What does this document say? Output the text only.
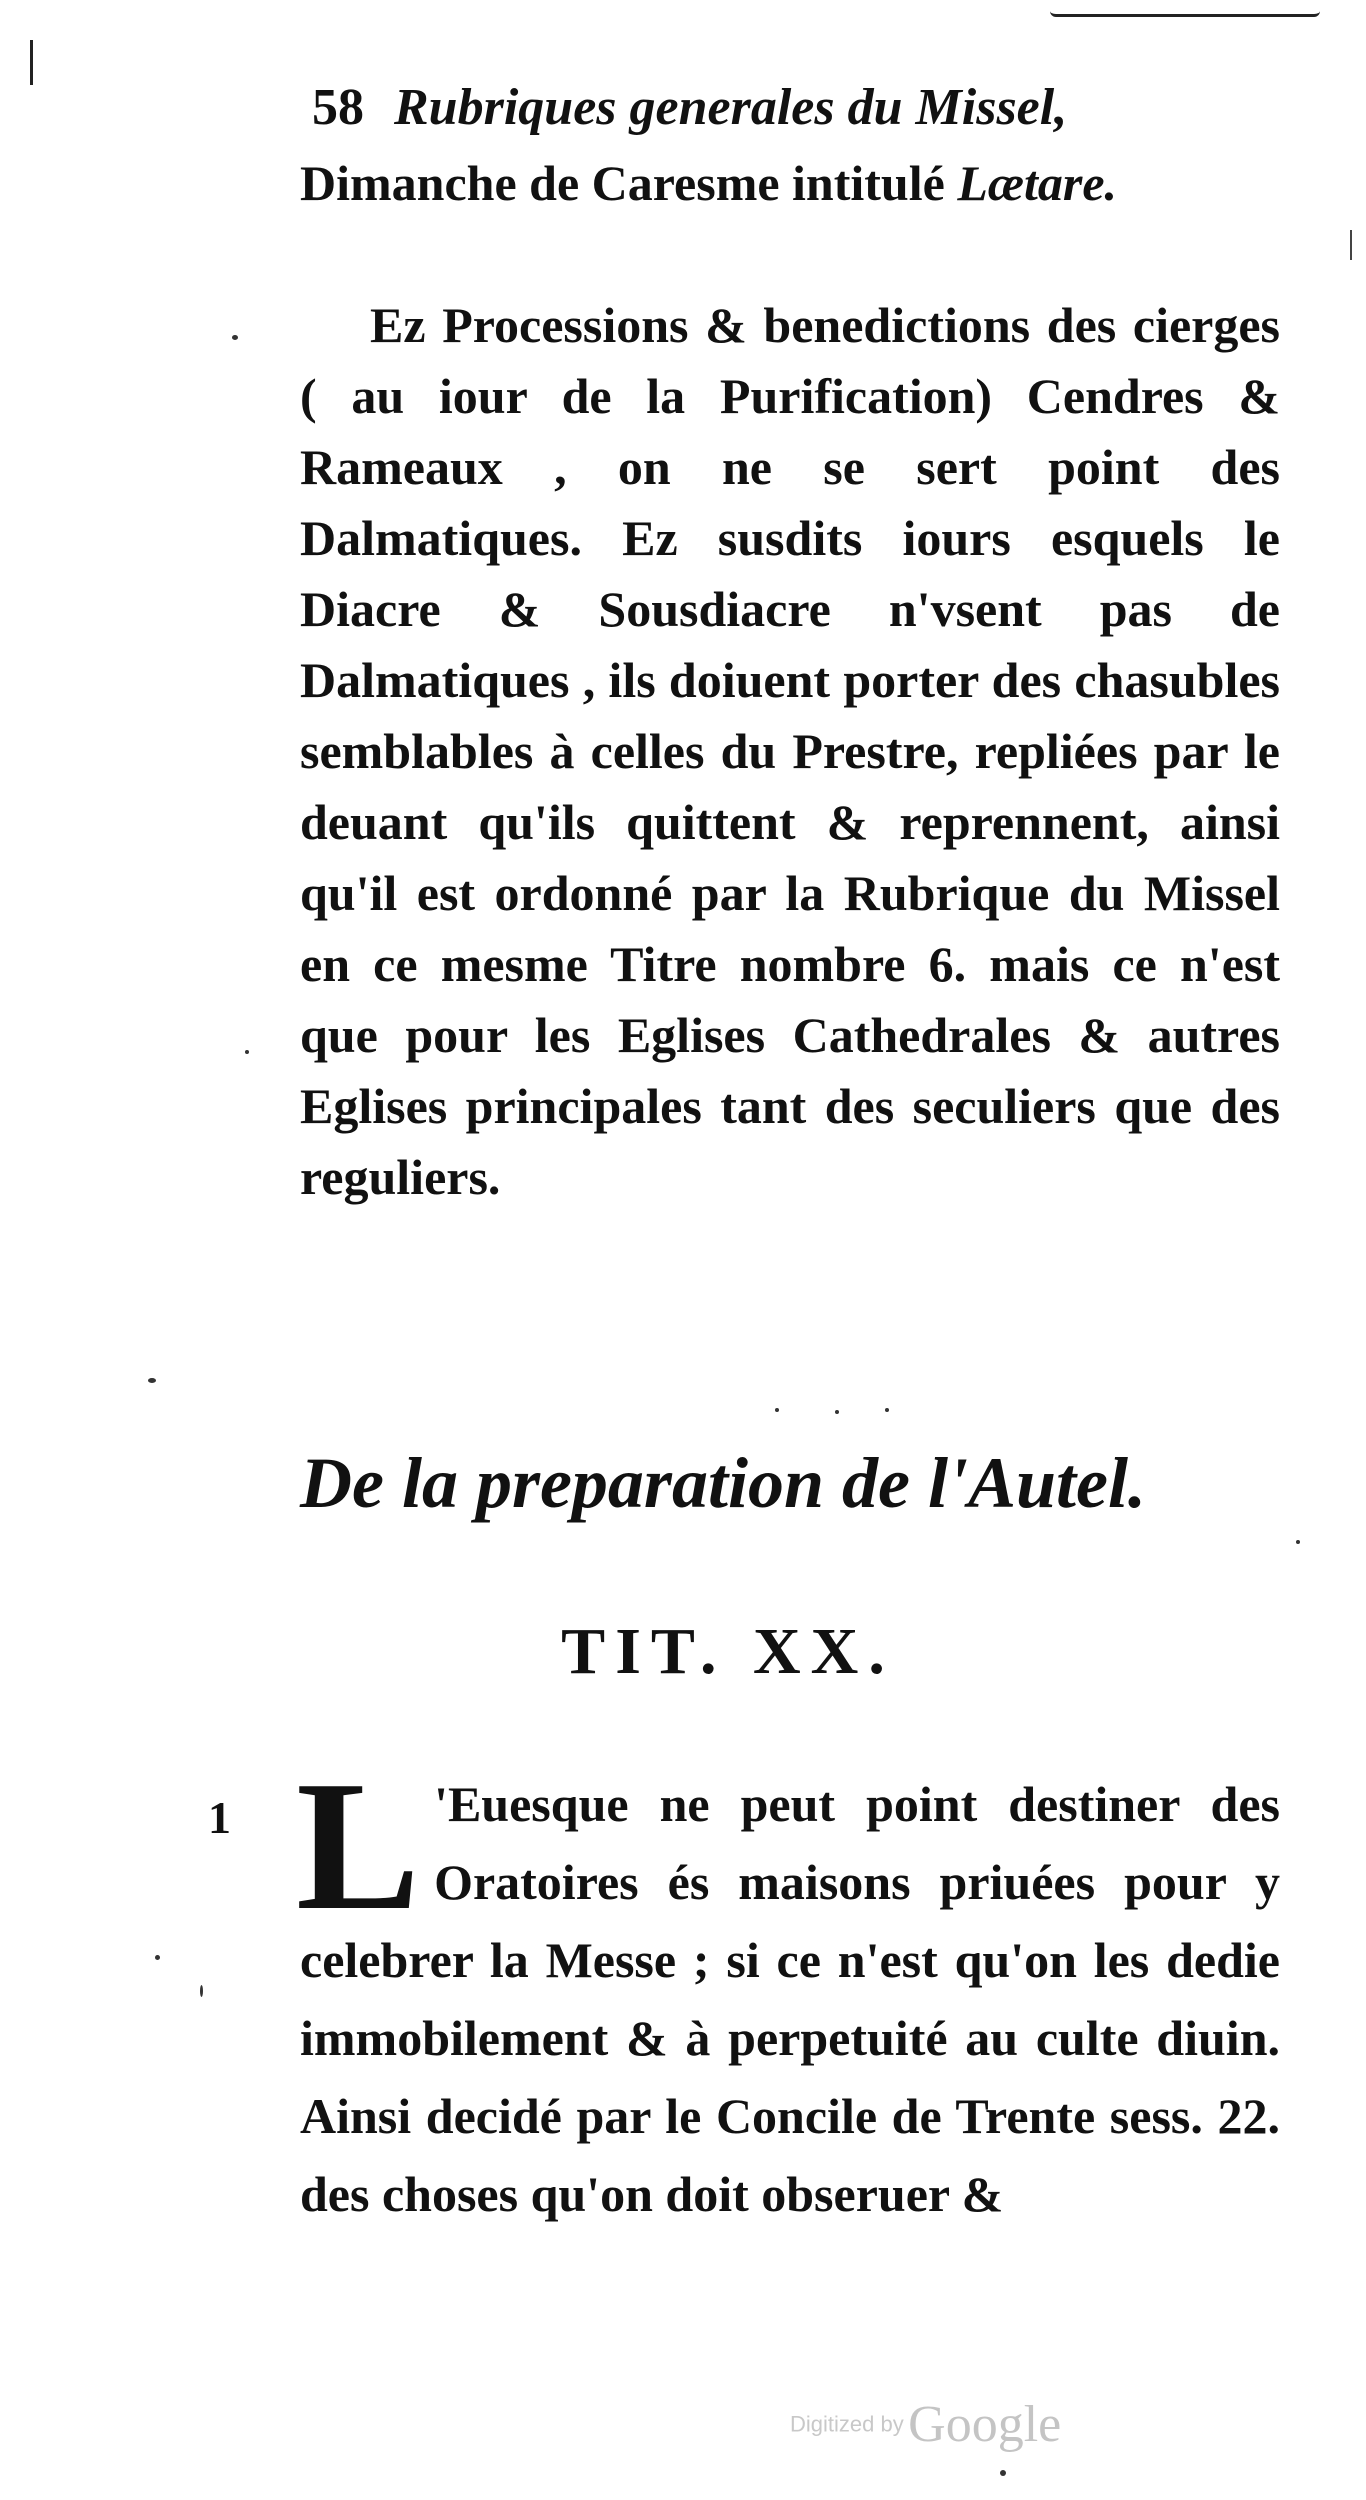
58 Rubriques generales du Missel,

Dimanche de Caresme intitulé Lætare.

Ez Processions & benedictions des cierges ( au iour de la Purification) Cendres & Rameaux , on ne se sert point des Dalmatiques. Ez susdits iours esquels le Diacre & Sousdiacre n'vsent pas de Dalmatiques , ils doiuent porter des chasubles semblables à celles du Prestre, repliées par le deuant qu'ils quittent & reprennent, ainsi qu'il est ordonné par la Rubrique du Missel en ce mesme Titre nombre 6. mais ce n'est que pour les Eglises Cathedrales & autres Eglises principales tant des seculiers que des reguliers.

De la preparation de l'Autel.
TIT. XX.
1 L 'Euesque ne peut point destiner des Oratoires és maisons priuées pour y celebrer la Messe ; si ce n'est qu'on les dedie immobilement & à perpetuité au culte diuin. Ainsi decidé par le Concile de Trente sess. 22. des choses qu'on doit obseruer &

Digitized by Google
